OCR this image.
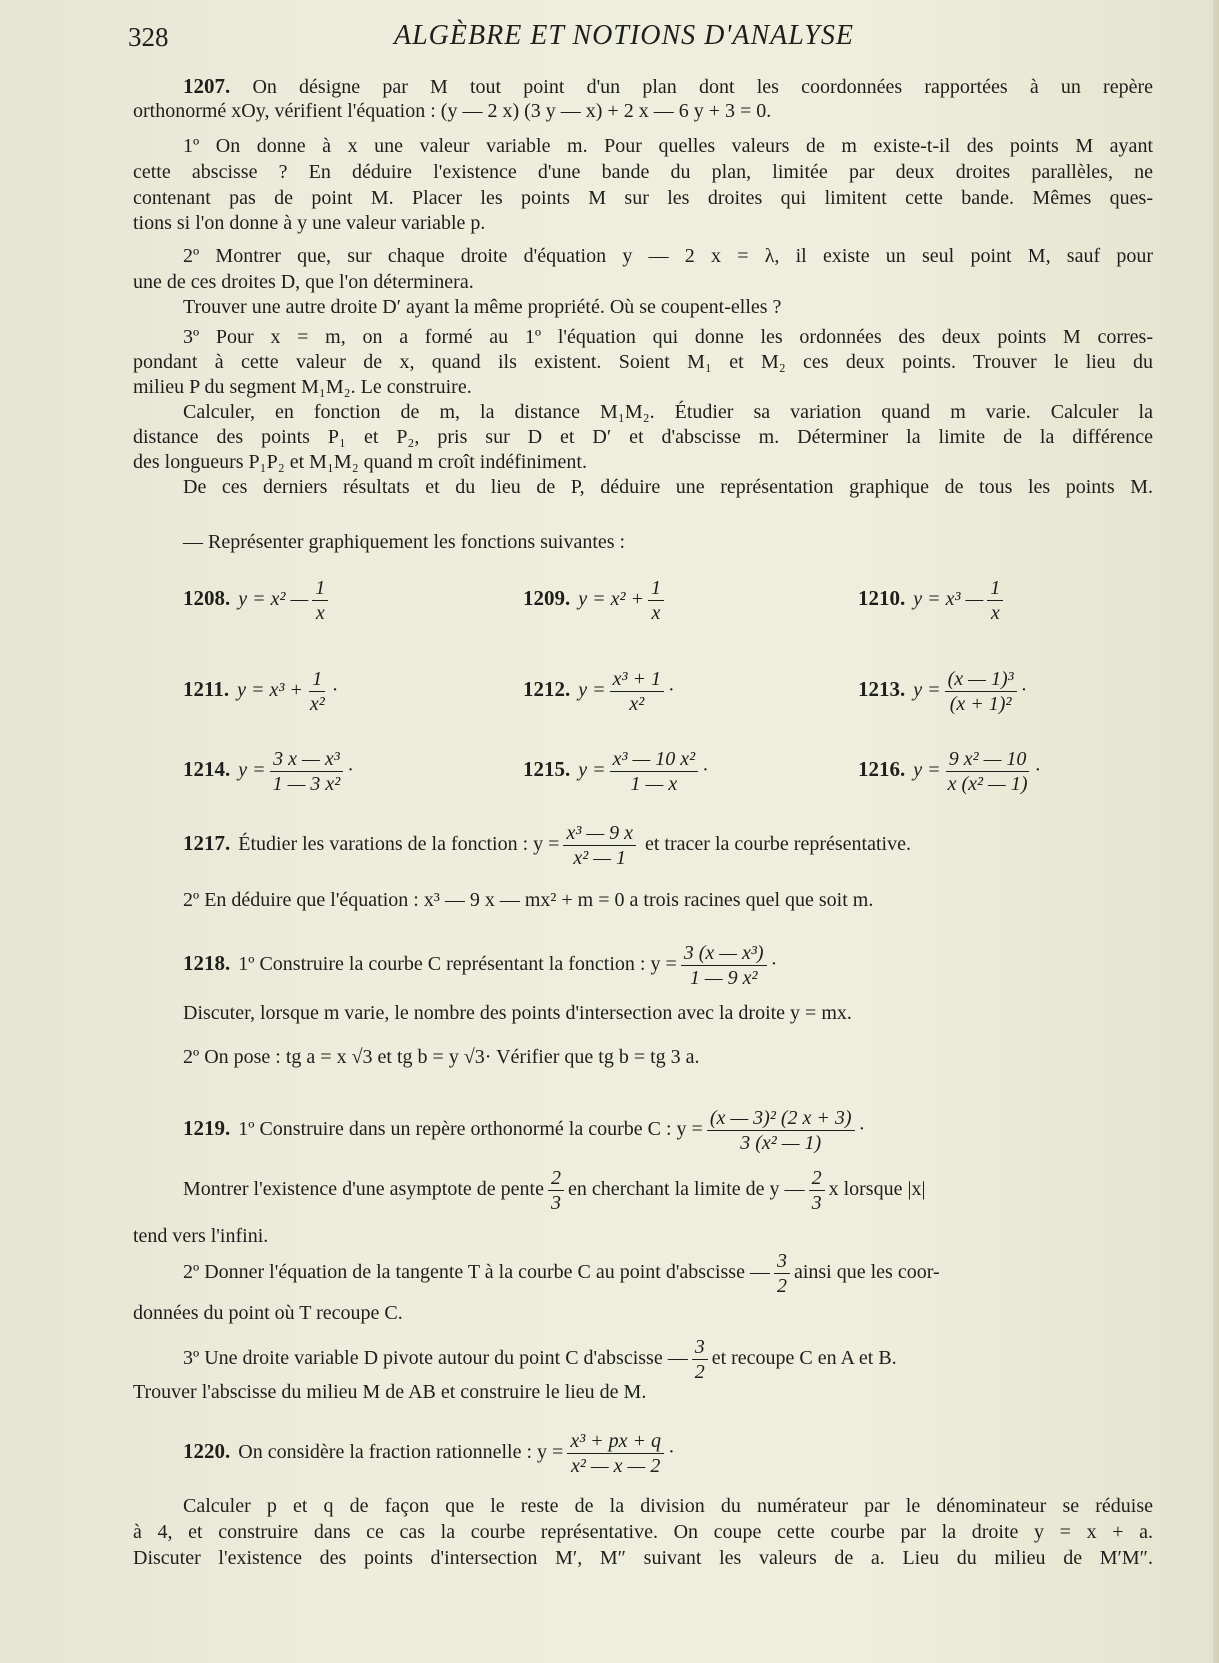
328	ALGÈBRE ET NOTIONS D'ANALYSE
1207. On désigne par M tout point d'un plan dont les coordonnées rapportées à un repère
orthonormé xOy, vérifient l'équation : (y — 2 x) (3 y — x) + 2 x — 6 y + 3 = 0.
1º On donne à x une valeur variable m. Pour quelles valeurs de m existe-t-il des points M ayant
cette abscisse ? En déduire l'existence d'une bande du plan, limitée par deux droites parallèles, ne
contenant pas de point M. Placer les points M sur les droites qui limitent cette bande. Mêmes ques-
tions si l'on donne à y une valeur variable p.
2º Montrer que, sur chaque droite d'équation y — 2 x = λ, il existe un seul point M, sauf pour
une de ces droites D, que l'on déterminera.
Trouver une autre droite D′ ayant la même propriété. Où se coupent-elles ?
3º Pour x = m, on a formé au 1º l'équation qui donne les ordonnées des deux points M corres-
pondant à cette valeur de x, quand ils existent. Soient M₁ et M₂ ces deux points. Trouver le lieu du
milieu P du segment M₁M₂. Le construire.
Calculer, en fonction de m, la distance M₁M₂. Étudier sa variation quand m varie. Calculer la
distance des points P₁ et P₂, pris sur D et D′ et d'abscisse m. Déterminer la limite de la différence
des longueurs P₁P₂ et M₁M₂ quand m croît indéfiniment.
De ces derniers résultats et du lieu de P, déduire une représentation graphique de tous les points M.
— Représenter graphiquement les fonctions suivantes :
1208. y = x² — $\frac{1}{x}$	1209. $y = x^2 + \frac{1}{x}$	1210. y = x³ — $\frac{1}{x}$
1211. $y = x^3 + \frac{1}{\text{x²}}$ ·	1212. $y = \frac{\text{x³ + 1}}{\text{x²}}$ ·	1213. $y = \frac{\text{(x — 1)³}}{\text{(x + 1)²}}$ ·
1214. $y = \frac{\text{3 x — x³}}{\text{1 — 3 x²}}$ ·	1215. $y = \frac{\text{x³ — 10 x²}}{1 — x}$ ·	1216. $y = \frac{\text{9 x² — 10}}{\text{x (x² — 1)}}$ ·
1217. Étudier les varations de la fonction : $y = \frac{\text{x³ — 9 x}}{\text{x² — 1}}$ et tracer la courbe représentative.
2º En déduire que l'équation : x³ — 9 x — mx² + m = 0 a trois racines quel que soit m.
1218. 1º Construire la courbe C représentant la fonction : $y = \frac{\text{3 (x — x³)}}{\text{1 — 9 x²}}$ ·
Discuter, lorsque m varie, le nombre des points d'intersection avec la droite y = mx.
2º On pose : tg a = x √3 et tg b = y √3· Vérifier que tg b = tg 3 a.
1219. 1º Construire dans un repère orthonormé la courbe C : $y = \frac{\text{(x — 3)² (2 x + 3)}}{\text{3 (x² — 1)}}$ ·
Montrer l'existence d'une asymptote de pente $\frac{2}{3}$ en cherchant la limite de y — $\frac{2}{3}$ x lorsque |x|
tend vers l'infini.
2º Donner l'équation de la tangente T à la courbe C au point d'abscisse — $\frac{3}{2}$ ainsi que les coor-
données du point où T recoupe C.
3º Une droite variable D pivote autour du point C d'abscisse — $\frac{3}{2}$ et recoupe C en A et B.
Trouver l'abscisse du milieu M de AB et construire le lieu de M.
1220. On considère la fraction rationnelle : $y = \frac{\text{x³ + px + q}}{\text{x² — x — 2}}$ ·
Calculer p et q de façon que le reste de la division du numérateur par le dénominateur se réduise
à 4, et construire dans ce cas la courbe représentative. On coupe cette courbe par la droite y = x + a.
Discuter l'existence des points d'intersection M′, M″ suivant les valeurs de a. Lieu du milieu de M′M″.
